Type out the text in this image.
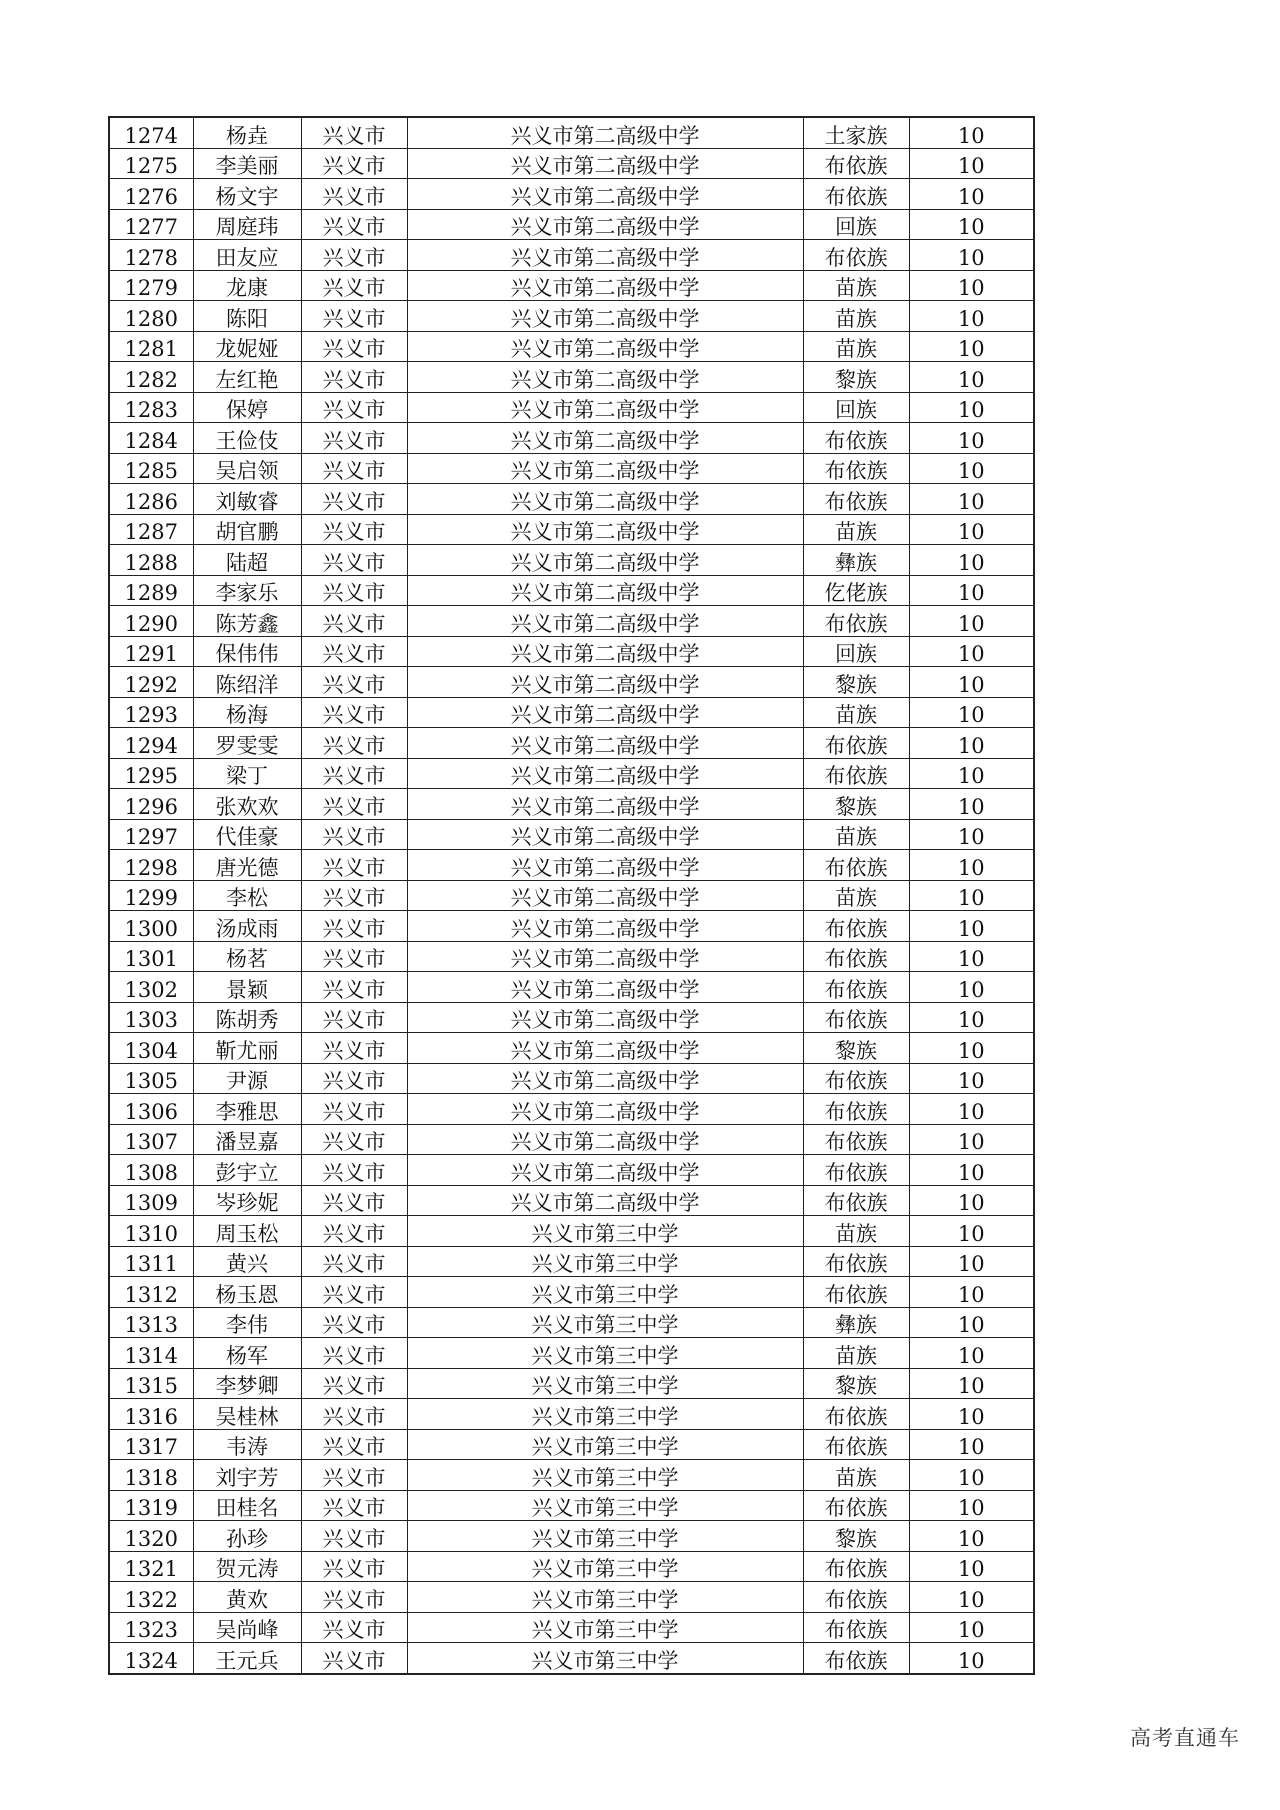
1274	杨垚	兴义市	兴义市第二高级中学	土家族	10
1275	李美丽	兴义市	兴义市第二高级中学	布依族	10
1276	杨文宇	兴义市	兴义市第二高级中学	布依族	10
1277	周庭玮	兴义市	兴义市第二高级中学	回族	10
1278	田友应	兴义市	兴义市第二高级中学	布依族	10
1279	龙康	兴义市	兴义市第二高级中学	苗族	10
1280	陈阳	兴义市	兴义市第二高级中学	苗族	10
1281	龙妮娅	兴义市	兴义市第二高级中学	苗族	10
1282	左红艳	兴义市	兴义市第二高级中学	黎族	10
1283	保婷	兴义市	兴义市第二高级中学	回族	10
1284	王俭伎	兴义市	兴义市第二高级中学	布依族	10
1285	吴启领	兴义市	兴义市第二高级中学	布依族	10
1286	刘敏睿	兴义市	兴义市第二高级中学	布依族	10
1287	胡官鹏	兴义市	兴义市第二高级中学	苗族	10
1288	陆超	兴义市	兴义市第二高级中学	彝族	10
1289	李家乐	兴义市	兴义市第二高级中学	仡佬族	10
1290	陈芳鑫	兴义市	兴义市第二高级中学	布依族	10
1291	保伟伟	兴义市	兴义市第二高级中学	回族	10
1292	陈绍洋	兴义市	兴义市第二高级中学	黎族	10
1293	杨海	兴义市	兴义市第二高级中学	苗族	10
1294	罗雯雯	兴义市	兴义市第二高级中学	布依族	10
1295	梁丁	兴义市	兴义市第二高级中学	布依族	10
1296	张欢欢	兴义市	兴义市第二高级中学	黎族	10
1297	代佳豪	兴义市	兴义市第二高级中学	苗族	10
1298	唐光德	兴义市	兴义市第二高级中学	布依族	10
1299	李松	兴义市	兴义市第二高级中学	苗族	10
1300	汤成雨	兴义市	兴义市第二高级中学	布依族	10
1301	杨茗	兴义市	兴义市第二高级中学	布依族	10
1302	景颖	兴义市	兴义市第二高级中学	布依族	10
1303	陈胡秀	兴义市	兴义市第二高级中学	布依族	10
1304	靳尤丽	兴义市	兴义市第二高级中学	黎族	10
1305	尹源	兴义市	兴义市第二高级中学	布依族	10
1306	李雅思	兴义市	兴义市第二高级中学	布依族	10
1307	潘昱嘉	兴义市	兴义市第二高级中学	布依族	10
1308	彭宇立	兴义市	兴义市第二高级中学	布依族	10
1309	岑珍妮	兴义市	兴义市第二高级中学	布依族	10
1310	周玉松	兴义市	兴义市第三中学	苗族	10
1311	黄兴	兴义市	兴义市第三中学	布依族	10
1312	杨玉恩	兴义市	兴义市第三中学	布依族	10
1313	李伟	兴义市	兴义市第三中学	彝族	10
1314	杨军	兴义市	兴义市第三中学	苗族	10
1315	李梦卿	兴义市	兴义市第三中学	黎族	10
1316	吴桂林	兴义市	兴义市第三中学	布依族	10
1317	韦涛	兴义市	兴义市第三中学	布依族	10
1318	刘宇芳	兴义市	兴义市第三中学	苗族	10
1319	田桂名	兴义市	兴义市第三中学	布依族	10
1320	孙珍	兴义市	兴义市第三中学	黎族	10
1321	贺元涛	兴义市	兴义市第三中学	布依族	10
1322	黄欢	兴义市	兴义市第三中学	布依族	10
1323	吴尚峰	兴义市	兴义市第三中学	布依族	10
1324	王元兵	兴义市	兴义市第三中学	布依族	10
高考直通车
